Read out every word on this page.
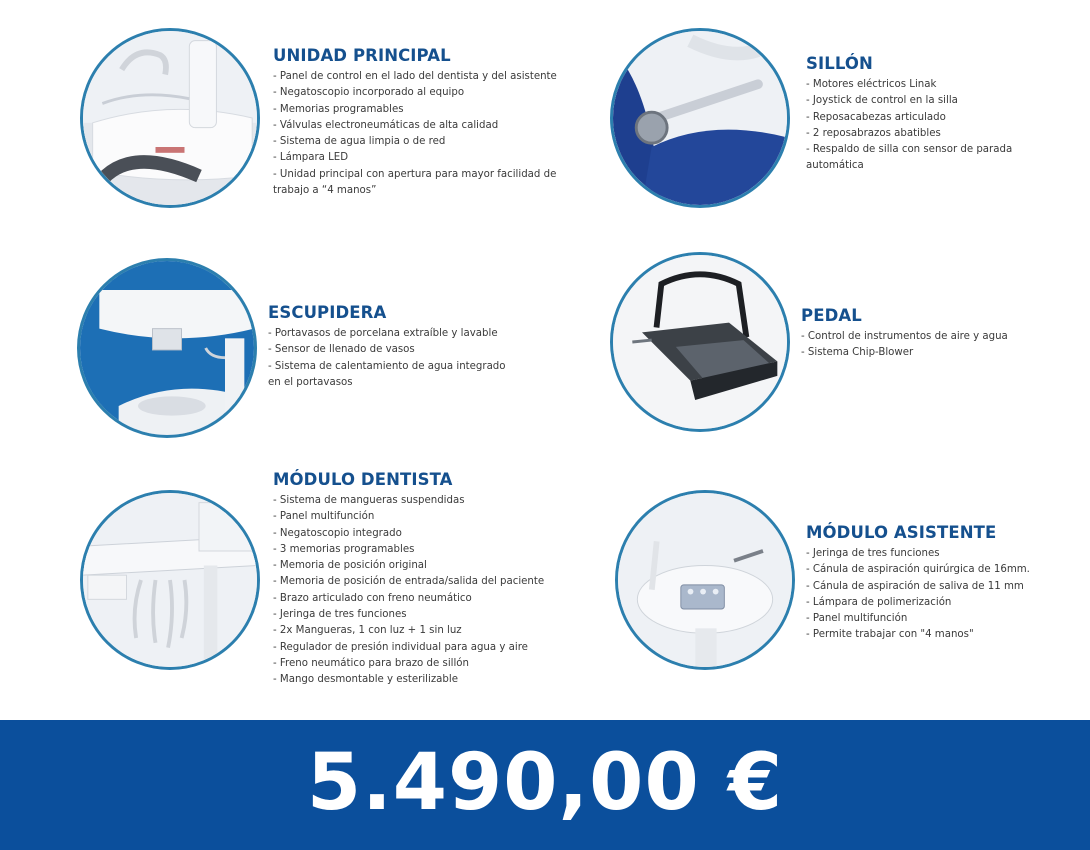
UNIDAD PRINCIPAL
- Panel de control en el lado del dentista y del asistente
- Negatoscopio incorporado al equipo
- Memorias programables
- Válvulas electroneumáticas de alta calidad
- Sistema de agua limpia o de red
- Lámpara LED
- Unidad principal con apertura para mayor facilidad de
trabajo a “4 manos”
SILLÓN
- Motores eléctricos Linak
- Joystick de control en la silla
- Reposacabezas articulado
- 2 reposabrazos abatibles
- Respaldo de silla con sensor de parada
automática
ESCUPIDERA
- Portavasos de porcelana extraíble y lavable
- Sensor de llenado de vasos
- Sistema de calentamiento de agua integrado
en el portavasos
PEDAL
- Control de instrumentos de aire y agua
- Sistema Chip-Blower
MÓDULO DENTISTA
- Sistema de mangueras suspendidas
- Panel multifunción
- Negatoscopio integrado
- 3 memorias programables
- Memoria de posición original
- Memoria de posición de entrada/salida del paciente
- Brazo articulado con freno neumático
- Jeringa de tres funciones
- 2x Mangueras, 1 con luz + 1 sin luz
- Regulador de presión individual para agua y aire
- Freno neumático para brazo de sillón
- Mango desmontable y esterilizable
MÓDULO ASISTENTE
- Jeringa de tres funciones
- Cánula de aspiración quirúrgica de 16mm.
- Cánula de aspiración de saliva de 11 mm
- Lámpara de polimerización
- Panel multifunción
- Permite trabajar con "4 manos"
5.490,00 €
